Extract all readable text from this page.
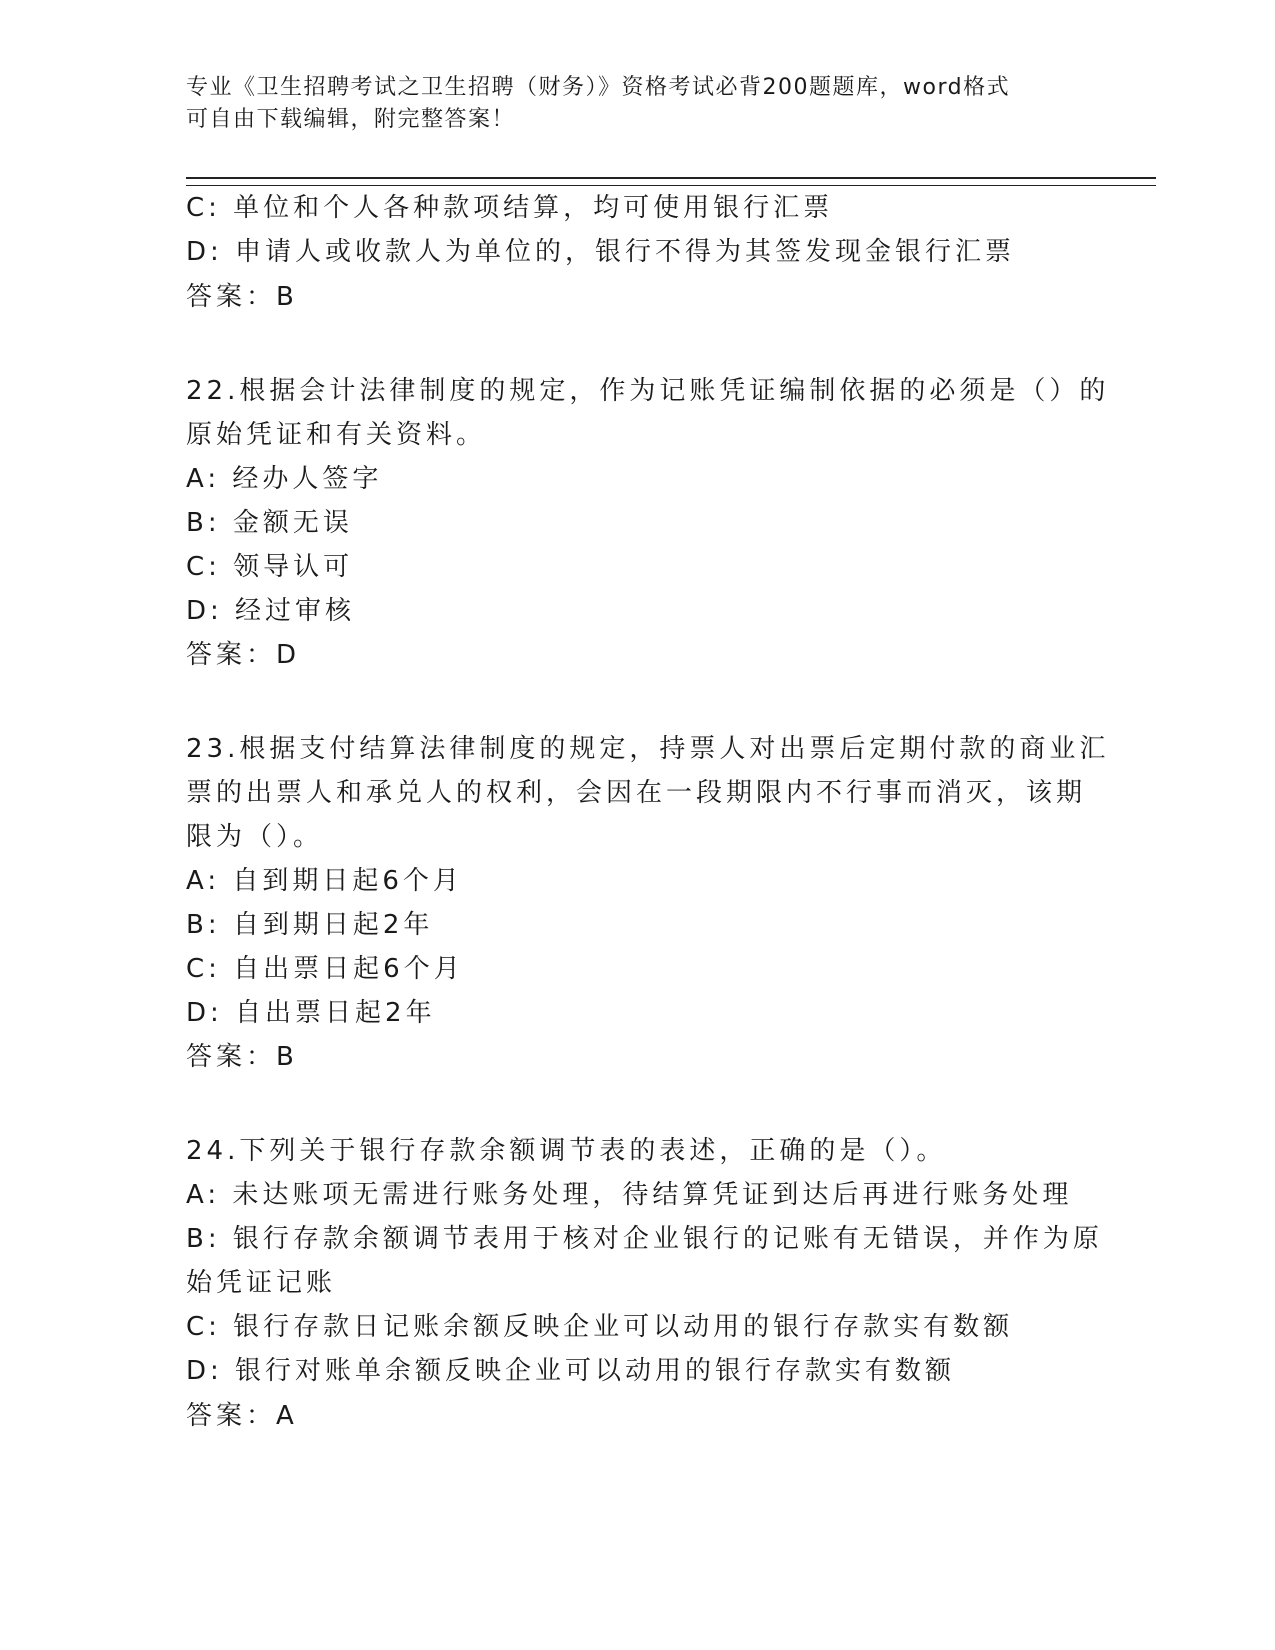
专业《卫生招聘考试之卫生招聘（财务）》资格考试必背200题题库，word格式
可自由下载编辑，附完整答案！
C: 单位和个人各种款项结算，均可使用银行汇票
D: 申请人或收款人为单位的，银行不得为其签发现金银行汇票
答案：B
22.根据会计法律制度的规定，作为记账凭证编制依据的必须是（）的
原始凭证和有关资料。
A: 经办人签字
B: 金额无误
C: 领导认可
D: 经过审核
答案：D
23.根据支付结算法律制度的规定，持票人对出票后定期付款的商业汇
票的出票人和承兑人的权利，会因在一段期限内不行事而消灭，该期
限为（）。
A: 自到期日起6个月
B: 自到期日起2年
C: 自出票日起6个月
D: 自出票日起2年
答案：B
24.下列关于银行存款余额调节表的表述，正确的是（）。
A: 未达账项无需进行账务处理，待结算凭证到达后再进行账务处理
B: 银行存款余额调节表用于核对企业银行的记账有无错误，并作为原
始凭证记账
C: 银行存款日记账余额反映企业可以动用的银行存款实有数额
D: 银行对账单余额反映企业可以动用的银行存款实有数额
答案：A
